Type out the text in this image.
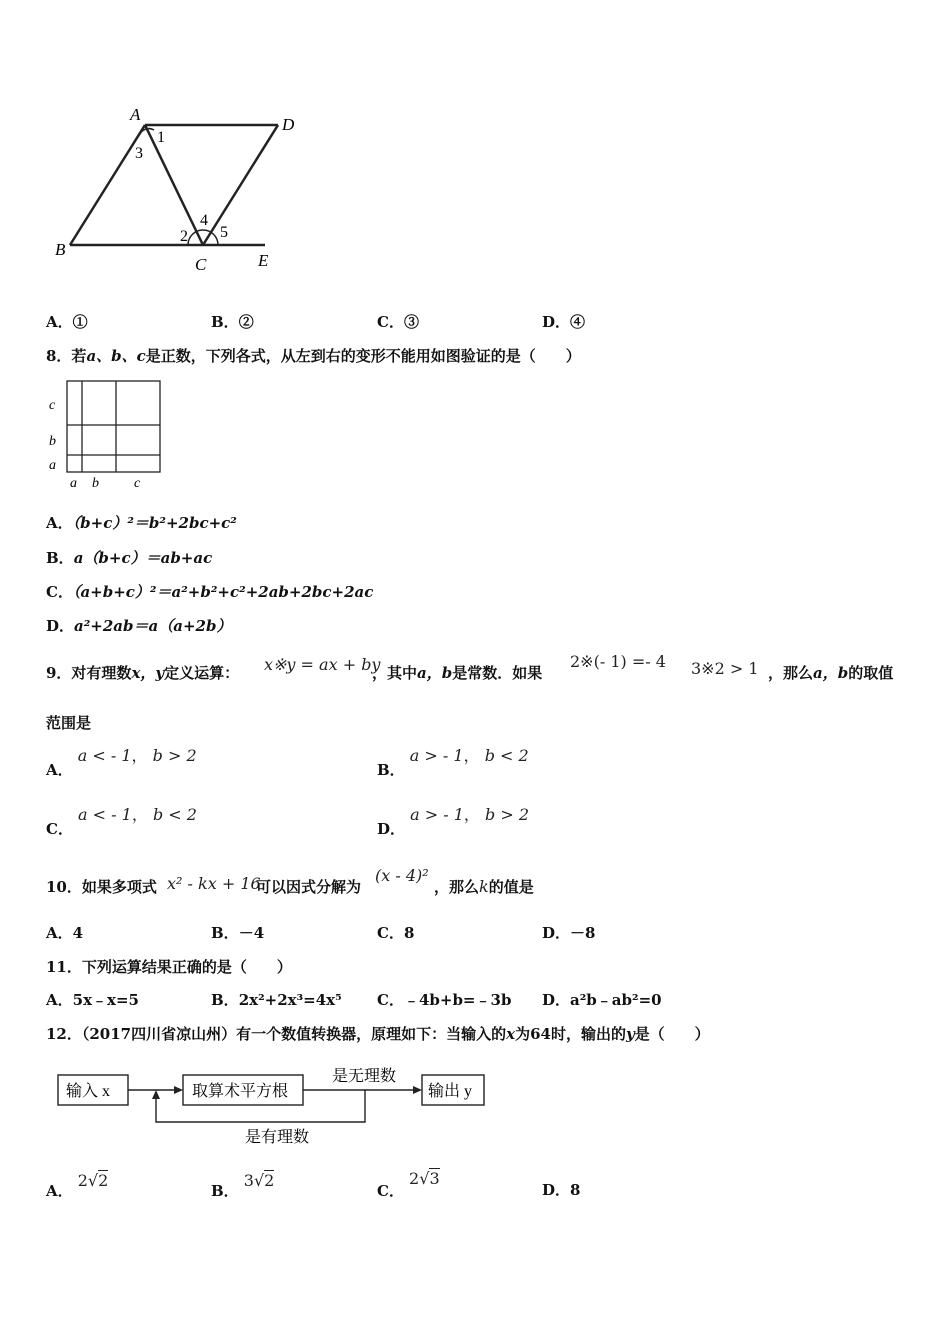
A
D
B
C	E
1
3
4
2 5
A．①	B．②	C．③	D．④
8．若a、b、c是正数，下列各式，从左到右的变形不能用如图验证的是（　　）
c
b
a
a b	c
A．（b+c）²＝b²+2bc+c²
B．a（b+c）＝ab+ac
C．（a+b+c）²＝a²+b²+c²+2ab+2bc+2ac
D．a²+2ab＝a（a+2b）
9．对有理数x，y定义运算： x※y = ax + by
，其中a，b是常数．如果
2※(- 1) =- 4 3※2 > 1 ，那么a，b的取值
范围是
A． a < - 1， b > 2
B． a > - 1， b < 2
C． a < - 1， b < 2
D． a > - 1， b > 2
10．如果多项式 x² - kx + 16
可以因式分解为
(x - 4)²
，那么k的值是
A．4	B．－4	C．8	D．－8
11．下列运算结果正确的是（　　）
A．5x﹣x=5	B．2x²+2x³=4x⁵ C．﹣4b+b=﹣3b D．a²b﹣ab²=0
12．（2017四川省凉山州）有一个数值转换器，原理如下：当输入的x为64时，输出的y是（　　）
输入 x	取算术平方根
是无理数
输出 y
是有理数
A． 2√2
B． 3√2
C． 2√3
D．8
